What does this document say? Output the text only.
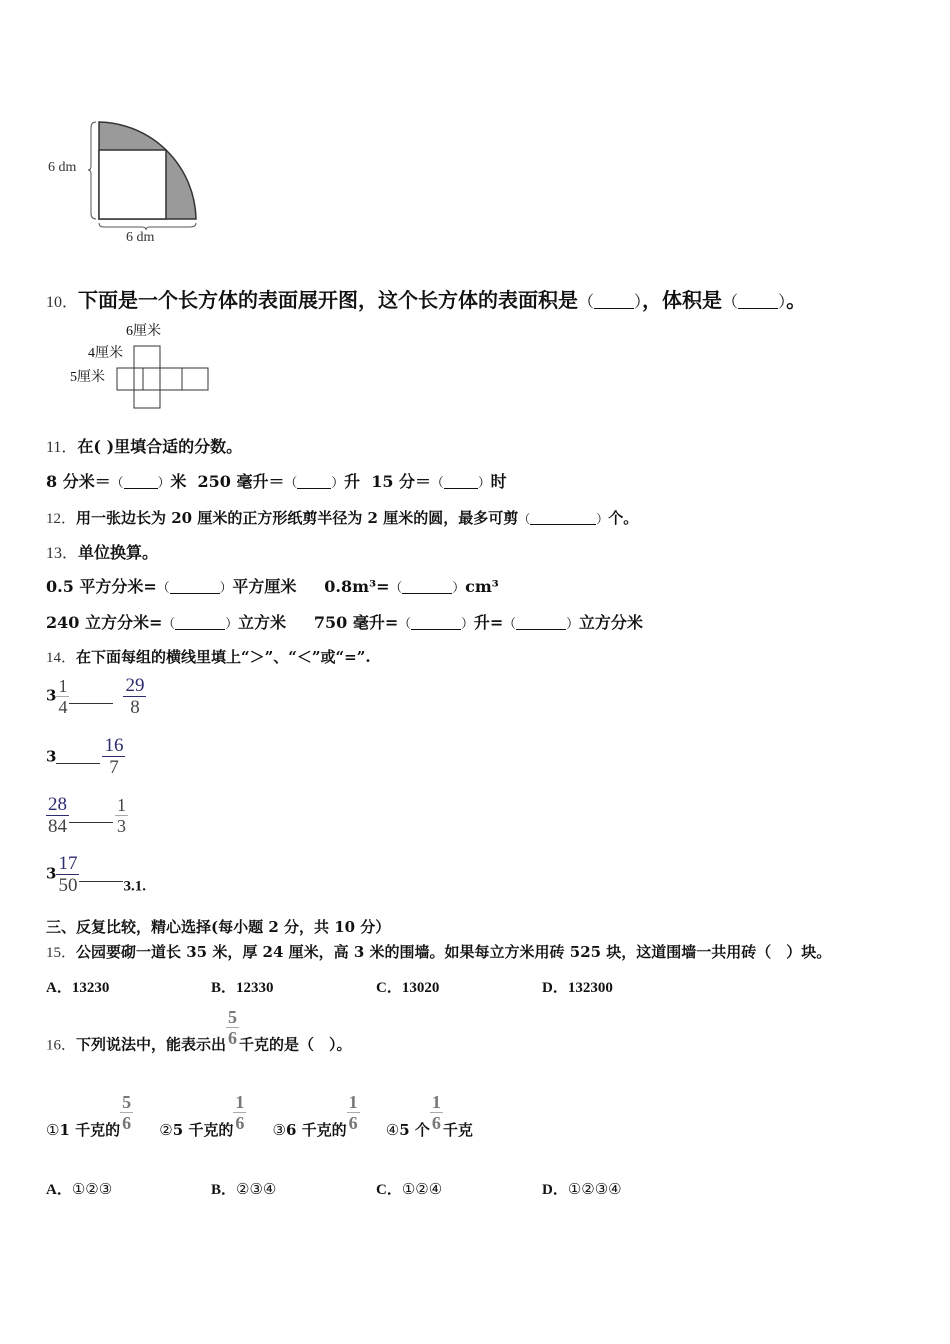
6 dm
6 dm
10．下面是一个长方体的表面展开图，这个长方体的表面积是（	），体积是（	）。
6厘米
4厘米
5厘米
11．在( )里填合适的分数。
8 分米＝（	）米 250 毫升＝（	）升 15 分＝（	）时
12．用一张边长为 20 厘米的正方形纸剪半径为 2 厘米的圆，最多可剪（	）个。
13．单位换算。
0.5 平方分米=（	）平方厘米 0.8m³=（	）cm³
240 立方分米=（	）立方米 750 毫升=（	）升=（	）立方分米
14．在下面每组的横线里填上“＞”、“＜”或“=”.
$3 \frac{1}{4}$	$\frac{29}{8}$
$3 \frac{16}{7}$
$\frac{28}{84}$	$\frac{1}{3}$
$3 \frac{17}{50}$	3.1.
三、反复比较，精心选择(每小题 2 分，共 10 分）
15．公园要砌一道长 35 米，厚 24 厘米，高 3 米的围墙。如果每立方米用砖 525 块，这道围墙一共用砖（　）块。
A．13230	B．12330	C．13020	D．132300
16．下列说法中，能表示出 $\frac{5}{6}$ 千克的是（　）。
①1 千克的 $\frac{5}{6}$ ②5 千克的 $\frac{1}{6}$ ③6 千克的 $\frac{1}{6}$ ④5 个 $\frac{1}{6}$ 千克
A．①②③	B．②③④	C．①②④	D．①②③④
